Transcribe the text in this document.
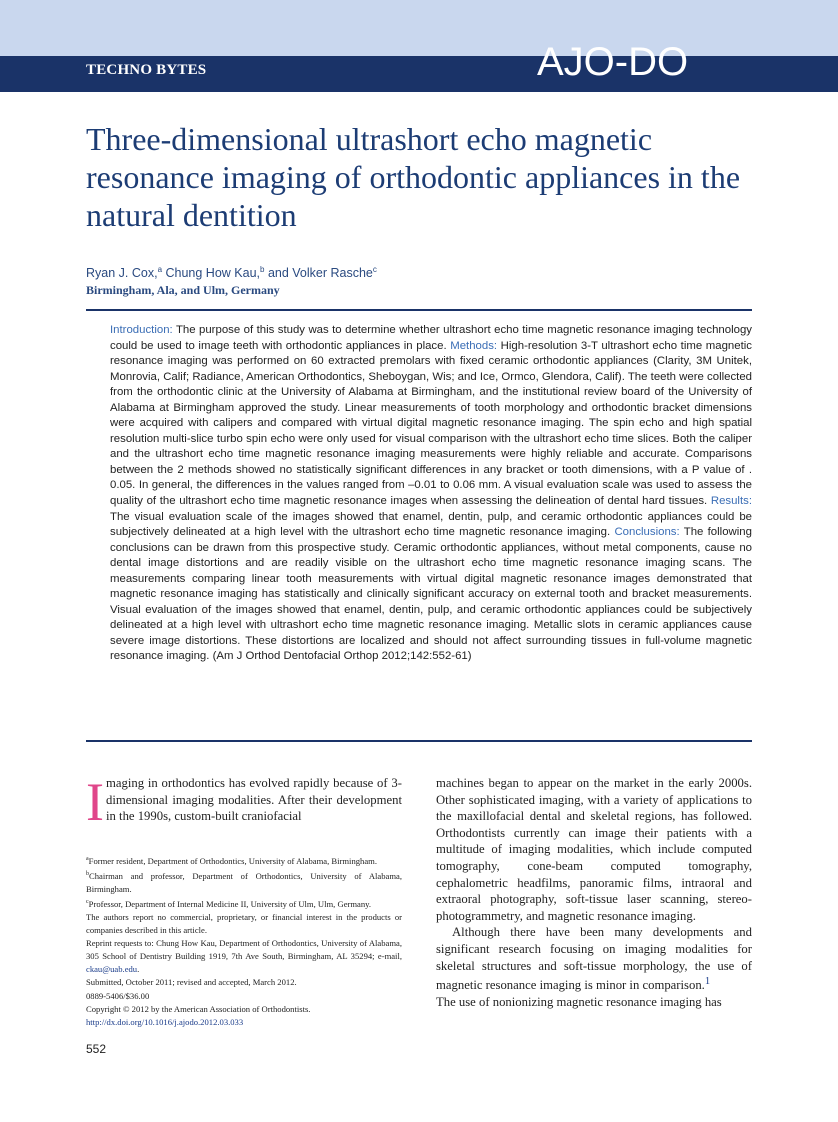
TECHNO BYTES	AJO-DO
Three-dimensional ultrashort echo magnetic resonance imaging of orthodontic appliances in the natural dentition
Ryan J. Cox,$^a$ Chung How Kau,$^b$ and Volker Rasche$^c$
Birmingham, Ala, and Ulm, Germany

Introduction: The purpose of this study was to determine whether ultrashort echo time magnetic resonance imaging technology could be used to image teeth with orthodontic appliances in place. Methods: High-resolution 3-T ultrashort echo time magnetic resonance imaging was performed on 60 extracted premolars with fixed ceramic orthodontic appliances (Clarity, 3M Unitek, Monrovia, Calif; Radiance, American Orthodontics, Sheboygan, Wis; and Ice, Ormco, Glendora, Calif). The teeth were collected from the orthodontic clinic at the University of Alabama at Birmingham, and the institutional review board of the University of Alabama at Birmingham approved the study. Linear measurements of tooth morphology and orthodontic bracket dimensions were acquired with calipers and compared with virtual digital magnetic resonance imaging. The spin echo and high spatial resolution multi-slice turbo spin echo were only used for visual comparison with the ultrashort echo time slices. Both the caliper and the ultrashort echo time magnetic resonance imaging measurements were highly reliable and accurate. Comparisons between the 2 methods showed no statistically significant differences in any bracket or tooth dimensions, with a P value of . 0.05. In general, the differences in the values ranged from –0.01 to 0.06 mm. A visual evaluation scale was used to assess the quality of the ultrashort echo time magnetic resonance images when assessing the delineation of dental hard tissues. Results: The visual evaluation scale of the images showed that enamel, dentin, pulp, and ceramic orthodontic appliances could be subjectively delineated at a high level with the ultrashort echo time magnetic resonance imaging. Conclusions: The following conclusions can be drawn from this prospective study. Ceramic orthodontic appliances, without metal components, cause no dental image distortions and are readily visible on the ultrashort echo time magnetic resonance imaging scans. The measurements comparing linear tooth measurements with virtual digital magnetic resonance images demonstrated that magnetic resonance imaging has statistically and clinically significant accuracy on external tooth and bracket measurements. Visual evaluation of the images showed that enamel, dentin, pulp, and ceramic orthodontic appliances could be subjectively delineated at a high level with ultrashort echo time magnetic resonance imaging. Metallic slots in ceramic appliances cause severe image distortions. These distortions are localized and should not affect surrounding tissues in full-volume magnetic resonance imaging. (Am J Orthod Dentofacial Orthop 2012;142:552-61)

Imaging in orthodontics has evolved rapidly because of 3-dimensional imaging modalities. After their development in the 1990s, custom-built craniofacial

$^a$Former resident, Department of Orthodontics, University of Alabama, Birmingham.

$^b$Chairman and professor, Department of Orthodontics, University of Alabama, Birmingham.

$^c$Professor, Department of Internal Medicine II, University of Ulm, Ulm, Germany.

The authors report no commercial, proprietary, or financial interest in the products or companies described in this article.

Reprint requests to: Chung How Kau, Department of Orthodontics, University of Alabama, 305 School of Dentistry Building 1919, 7th Ave South, Birmingham, AL 35294; e-mail, ckau@uab.edu.

Submitted, October 2011; revised and accepted, March 2012.

0889-5406/$36.00

Copyright © 2012 by the American Association of Orthodontists.

http://dx.doi.org/10.1016/j.ajodo.2012.03.033

machines began to appear on the market in the early 2000s. Other sophisticated imaging, with a variety of applications to the maxillofacial dental and skeletal regions, has followed. Orthodontists currently can image their patients with a multitude of imaging modalities, which include computed tomography, cone-beam computed tomography, cephalometric headfilms, panoramic films, intraoral and extraoral photography, soft-tissue laser scanning, stereo-photogrammetry, and magnetic resonance imaging.

Although there have been many developments and significant research focusing on imaging modalities for skeletal structures and soft-tissue morphology, the use of magnetic resonance imaging is minor in comparison.$^1$

The use of nonionizing magnetic resonance imaging has

552
